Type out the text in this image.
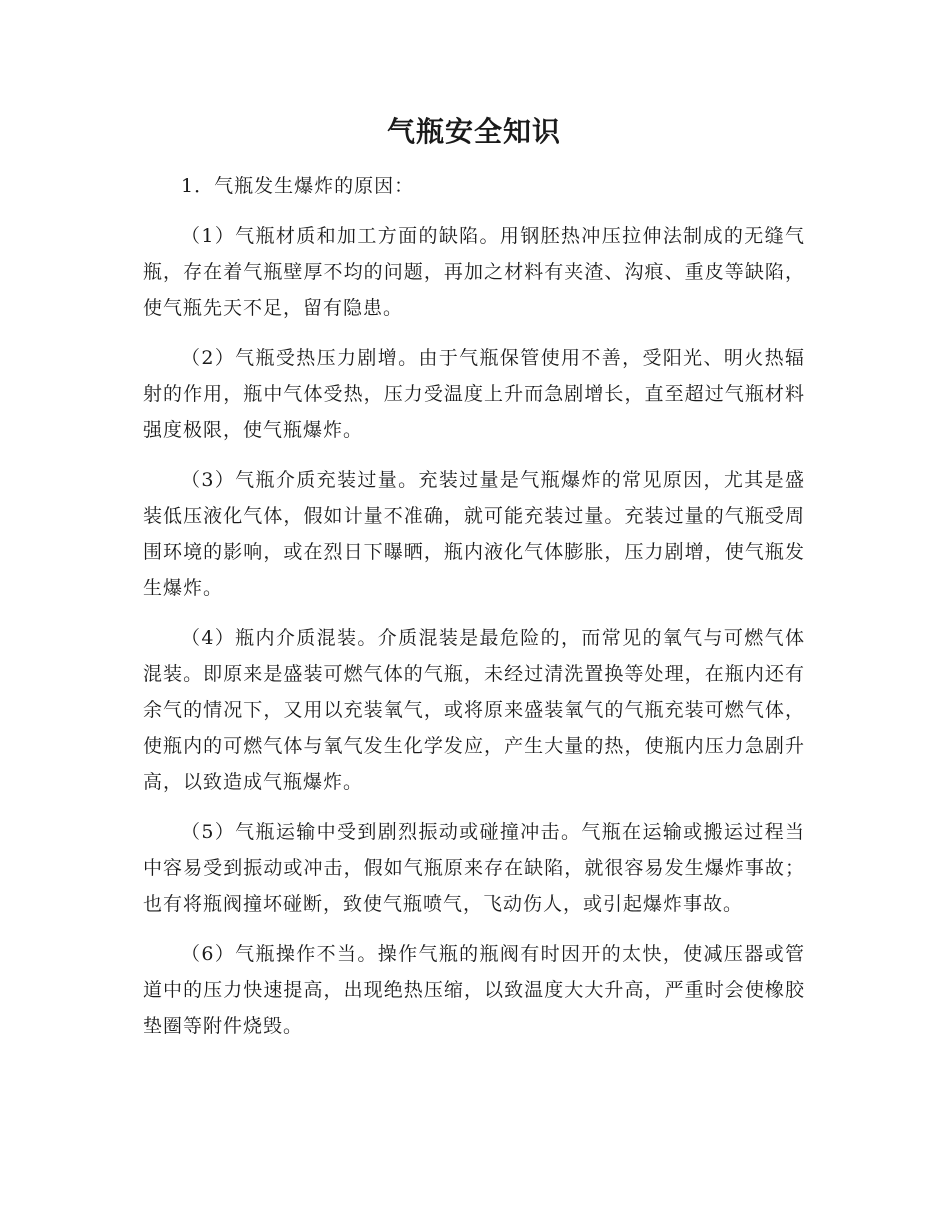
气瓶安全知识

1．气瓶发生爆炸的原因：

（1）气瓶材质和加工方面的缺陷。用钢胚热冲压拉伸法制成的无缝气瓶，存在着气瓶壁厚不均的问题，再加之材料有夹渣、沟痕、重皮等缺陷，使气瓶先天不足，留有隐患。

（2）气瓶受热压力剧增。由于气瓶保管使用不善，受阳光、明火热辐射的作用，瓶中气体受热，压力受温度上升而急剧增长，直至超过气瓶材料强度极限，使气瓶爆炸。

（3）气瓶介质充装过量。充装过量是气瓶爆炸的常见原因，尤其是盛装低压液化气体，假如计量不准确，就可能充装过量。充装过量的气瓶受周围环境的影响，或在烈日下曝晒，瓶内液化气体膨胀，压力剧增，使气瓶发生爆炸。

（4）瓶内介质混装。介质混装是最危险的，而常见的氧气与可燃气体混装。即原来是盛装可燃气体的气瓶，未经过清洗置换等处理，在瓶内还有余气的情况下，又用以充装氧气，或将原来盛装氧气的气瓶充装可燃气体，使瓶内的可燃气体与氧气发生化学发应，产生大量的热，使瓶内压力急剧升高，以致造成气瓶爆炸。

（5）气瓶运输中受到剧烈振动或碰撞冲击。气瓶在运输或搬运过程当中容易受到振动或冲击，假如气瓶原来存在缺陷，就很容易发生爆炸事故；也有将瓶阀撞坏碰断，致使气瓶喷气，飞动伤人，或引起爆炸事故。

（6）气瓶操作不当。操作气瓶的瓶阀有时因开的太快，使减压器或管道中的压力快速提高，出现绝热压缩，以致温度大大升高，严重时会使橡胶垫圈等附件烧毁。
